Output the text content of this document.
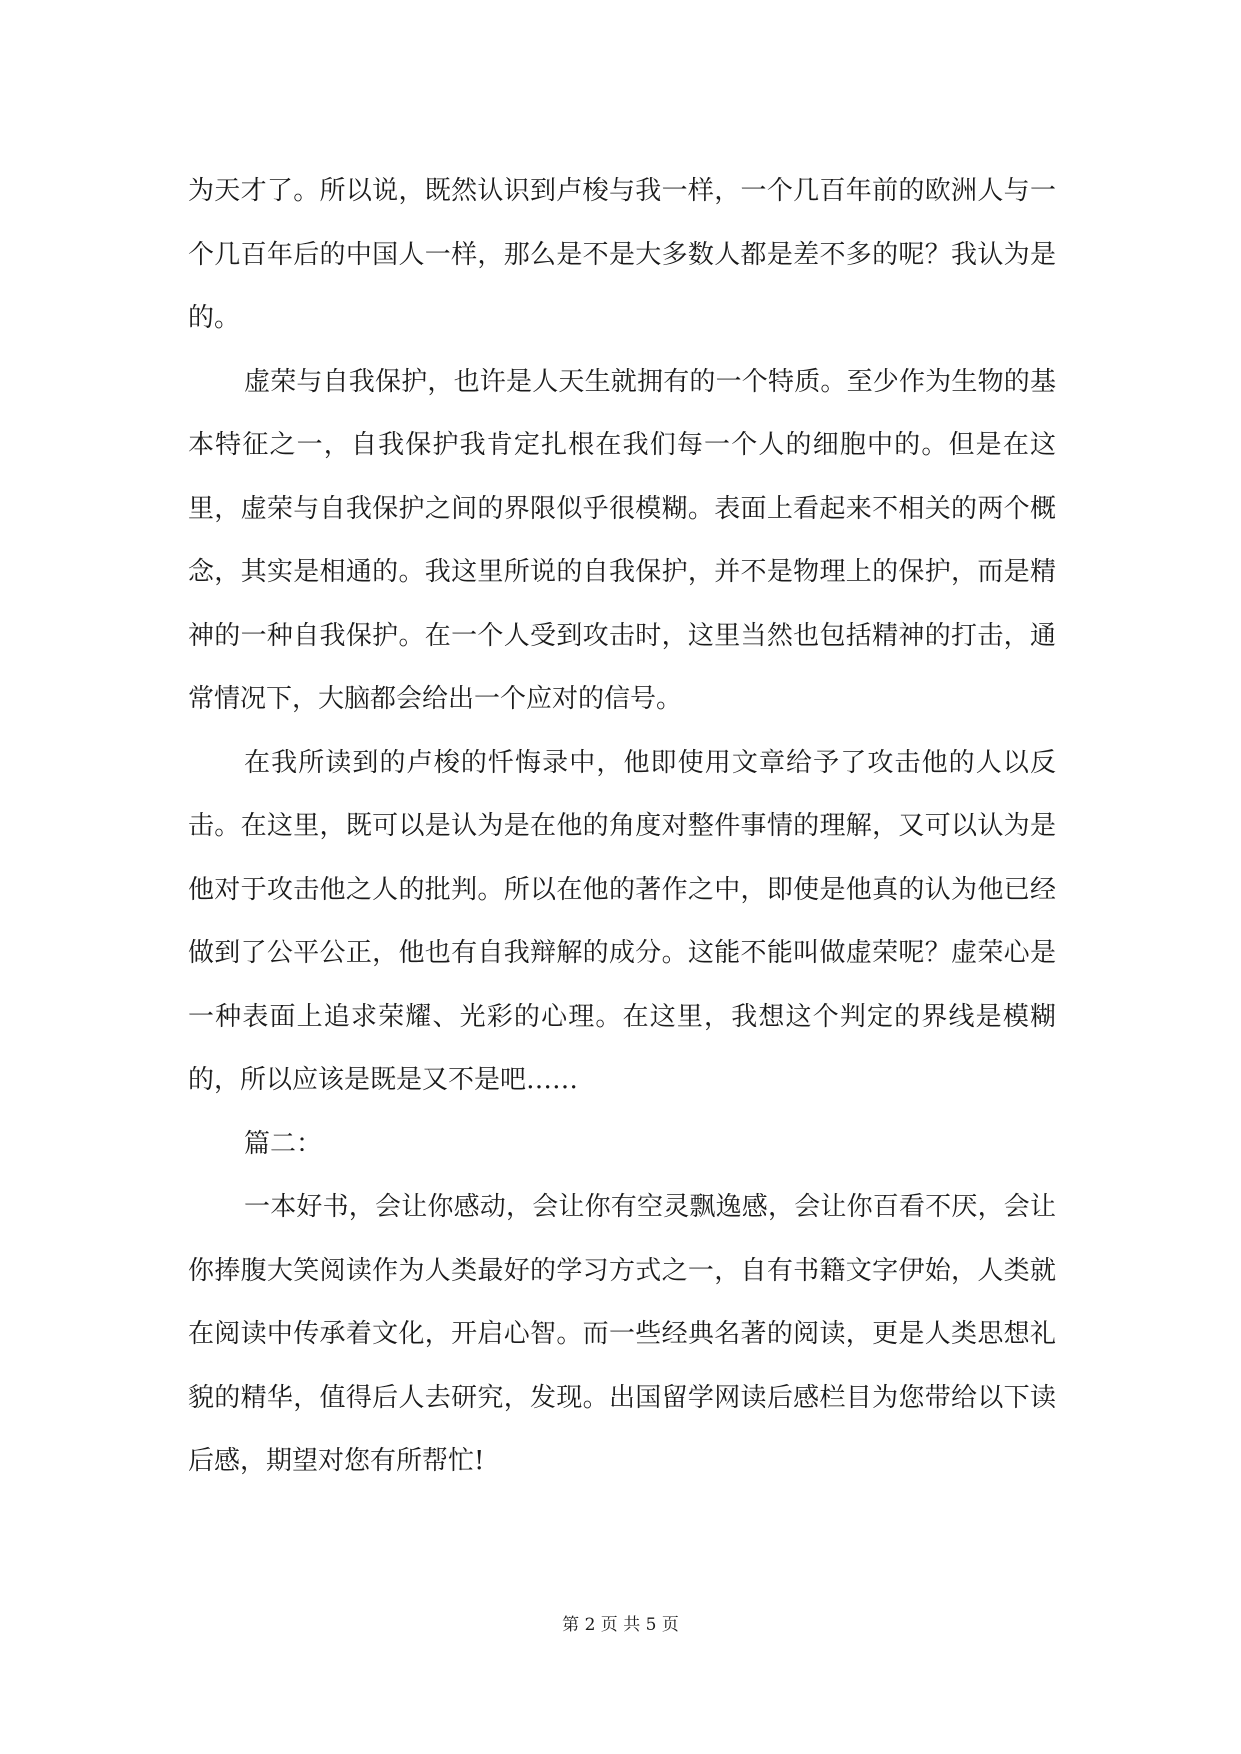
为天才了。所以说，既然认识到卢梭与我一样，一个几百年前的欧洲人与一个几百年后的中国人一样，那么是不是大多数人都是差不多的呢？我认为是的。

虚荣与自我保护，也许是人天生就拥有的一个特质。至少作为生物的基本特征之一，自我保护我肯定扎根在我们每一个人的细胞中的。但是在这里，虚荣与自我保护之间的界限似乎很模糊。表面上看起来不相关的两个概念，其实是相通的。我这里所说的自我保护，并不是物理上的保护，而是精神的一种自我保护。在一个人受到攻击时，这里当然也包括精神的打击，通常情况下，大脑都会给出一个应对的信号。

在我所读到的卢梭的忏悔录中，他即使用文章给予了攻击他的人以反击。在这里，既可以是认为是在他的角度对整件事情的理解，又可以认为是他对于攻击他之人的批判。所以在他的著作之中，即使是他真的认为他已经做到了公平公正，他也有自我辩解的成分。这能不能叫做虚荣呢？虚荣心是一种表面上追求荣耀、光彩的心理。在这里，我想这个判定的界线是模糊的，所以应该是既是又不是吧……

篇二：

一本好书，会让你感动，会让你有空灵飘逸感，会让你百看不厌，会让你捧腹大笑阅读作为人类最好的学习方式之一，自有书籍文字伊始，人类就在阅读中传承着文化，开启心智。而一些经典名著的阅读，更是人类思想礼貌的精华，值得后人去研究，发现。出国留学网读后感栏目为您带给以下读后感，期望对您有所帮忙!

第 2 页 共 5 页
